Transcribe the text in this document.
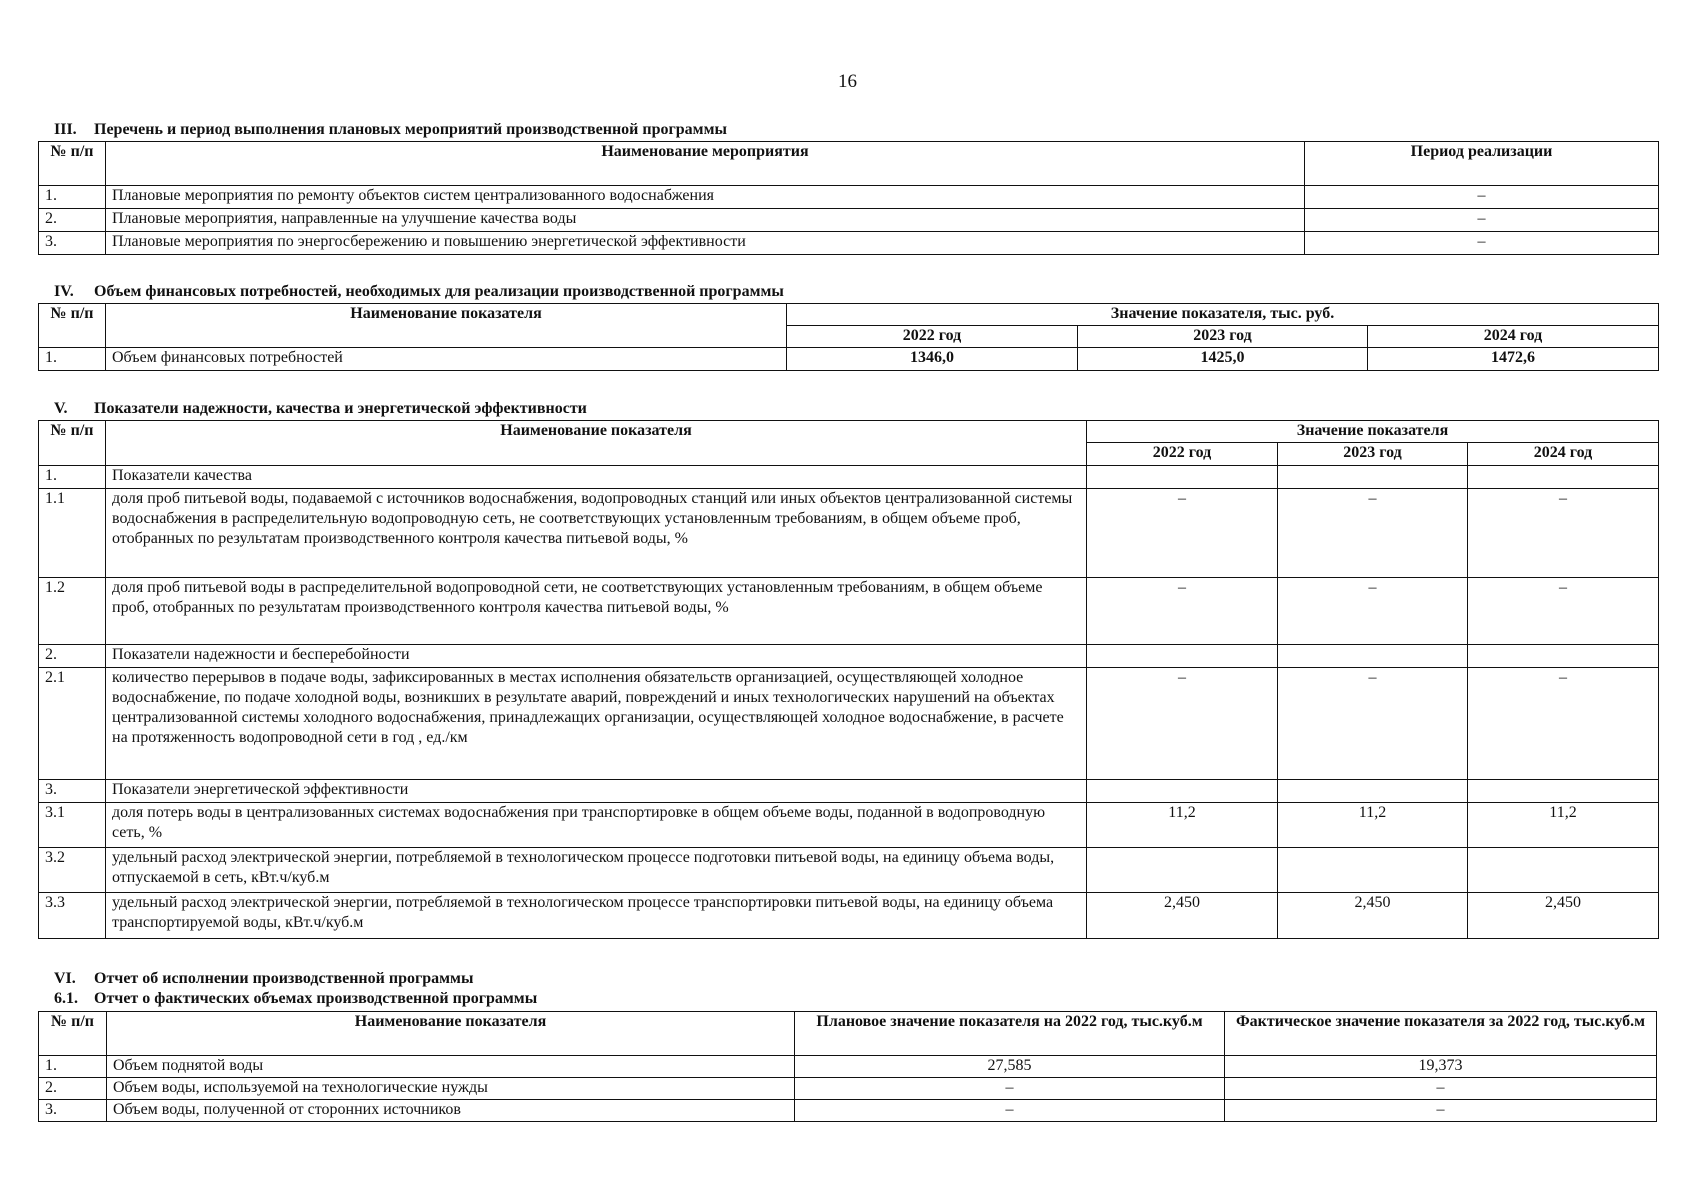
16
III. Перечень и период выполнения плановых мероприятий производственной программы
№ п/п	Наименование мероприятия	Период реализации
1.	Плановые мероприятия по ремонту объектов систем централизованного водоснабжения	–
2.	Плановые мероприятия, направленные на улучшение качества воды	–
3.	Плановые мероприятия по энергосбережению и повышению энергетической эффективности	–
IV. Объем финансовых потребностей, необходимых для реализации производственной программы
№ п/п	Наименование показателя	Значение показателя, тыс. руб.		
		2022 год	2023 год	2024 год
1.	Объем финансовых потребностей	1346,0	1425,0	1472,6
V. Показатели надежности, качества и энергетической эффективности
№ п/п	Наименование показателя	Значение показателя		
		2022 год	2023 год	2024 год
1.	Показатели качества			
1.1	доля проб питьевой воды, подаваемой с источников водоснабжения, водопроводных станций или иных объектов централизованной системы водоснабжения в распределительную водопроводную сеть, не соответствующих установленным требованиям, в общем объеме проб, отобранных по результатам производственного контроля качества питьевой воды, %	–	–	–
1.2	доля проб питьевой воды в распределительной водопроводной сети, не соответствующих установленным требованиям, в общем объеме проб, отобранных по результатам производственного контроля качества питьевой воды, %	–	–	–
2.	Показатели надежности и бесперебойности			
2.1	количество перерывов в подаче воды, зафиксированных в местах исполнения обязательств организацией, осуществляющей холодное водоснабжение, по подаче холодной воды, возникших в результате аварий, повреждений и иных технологических нарушений на объектах централизованной системы холодного водоснабжения, принадлежащих организации, осуществляющей холодное водоснабжение, в расчете на протяженность водопроводной сети в год , ед./км	–	–	–
3.	Показатели энергетической эффективности			
3.1	доля потерь воды в централизованных системах водоснабжения при транспортировке в общем объеме воды, поданной в водопроводную сеть, %	11,2	11,2	11,2
3.2	удельный расход электрической энергии, потребляемой в технологическом процессе подготовки питьевой воды, на единицу объема воды, отпускаемой в сеть, кВт.ч/куб.м			
3.3	удельный расход электрической энергии, потребляемой в технологическом процессе транспортировки питьевой воды, на единицу объема транспортируемой воды, кВт.ч/куб.м	2,450	2,450	2,450
VI. Отчет об исполнении производственной программы
6.1. Отчет о фактических объемах производственной программы
№ п/п	Наименование показателя	Плановое значение показателя на 2022 год, тыс.куб.м	Фактическое значение показателя за 2022 год, тыс.куб.м
1.	Объем поднятой воды	27,585	19,373
2.	Объем воды, используемой на технологические нужды	–	–
3.	Объем воды, полученной от сторонних источников	–	–
